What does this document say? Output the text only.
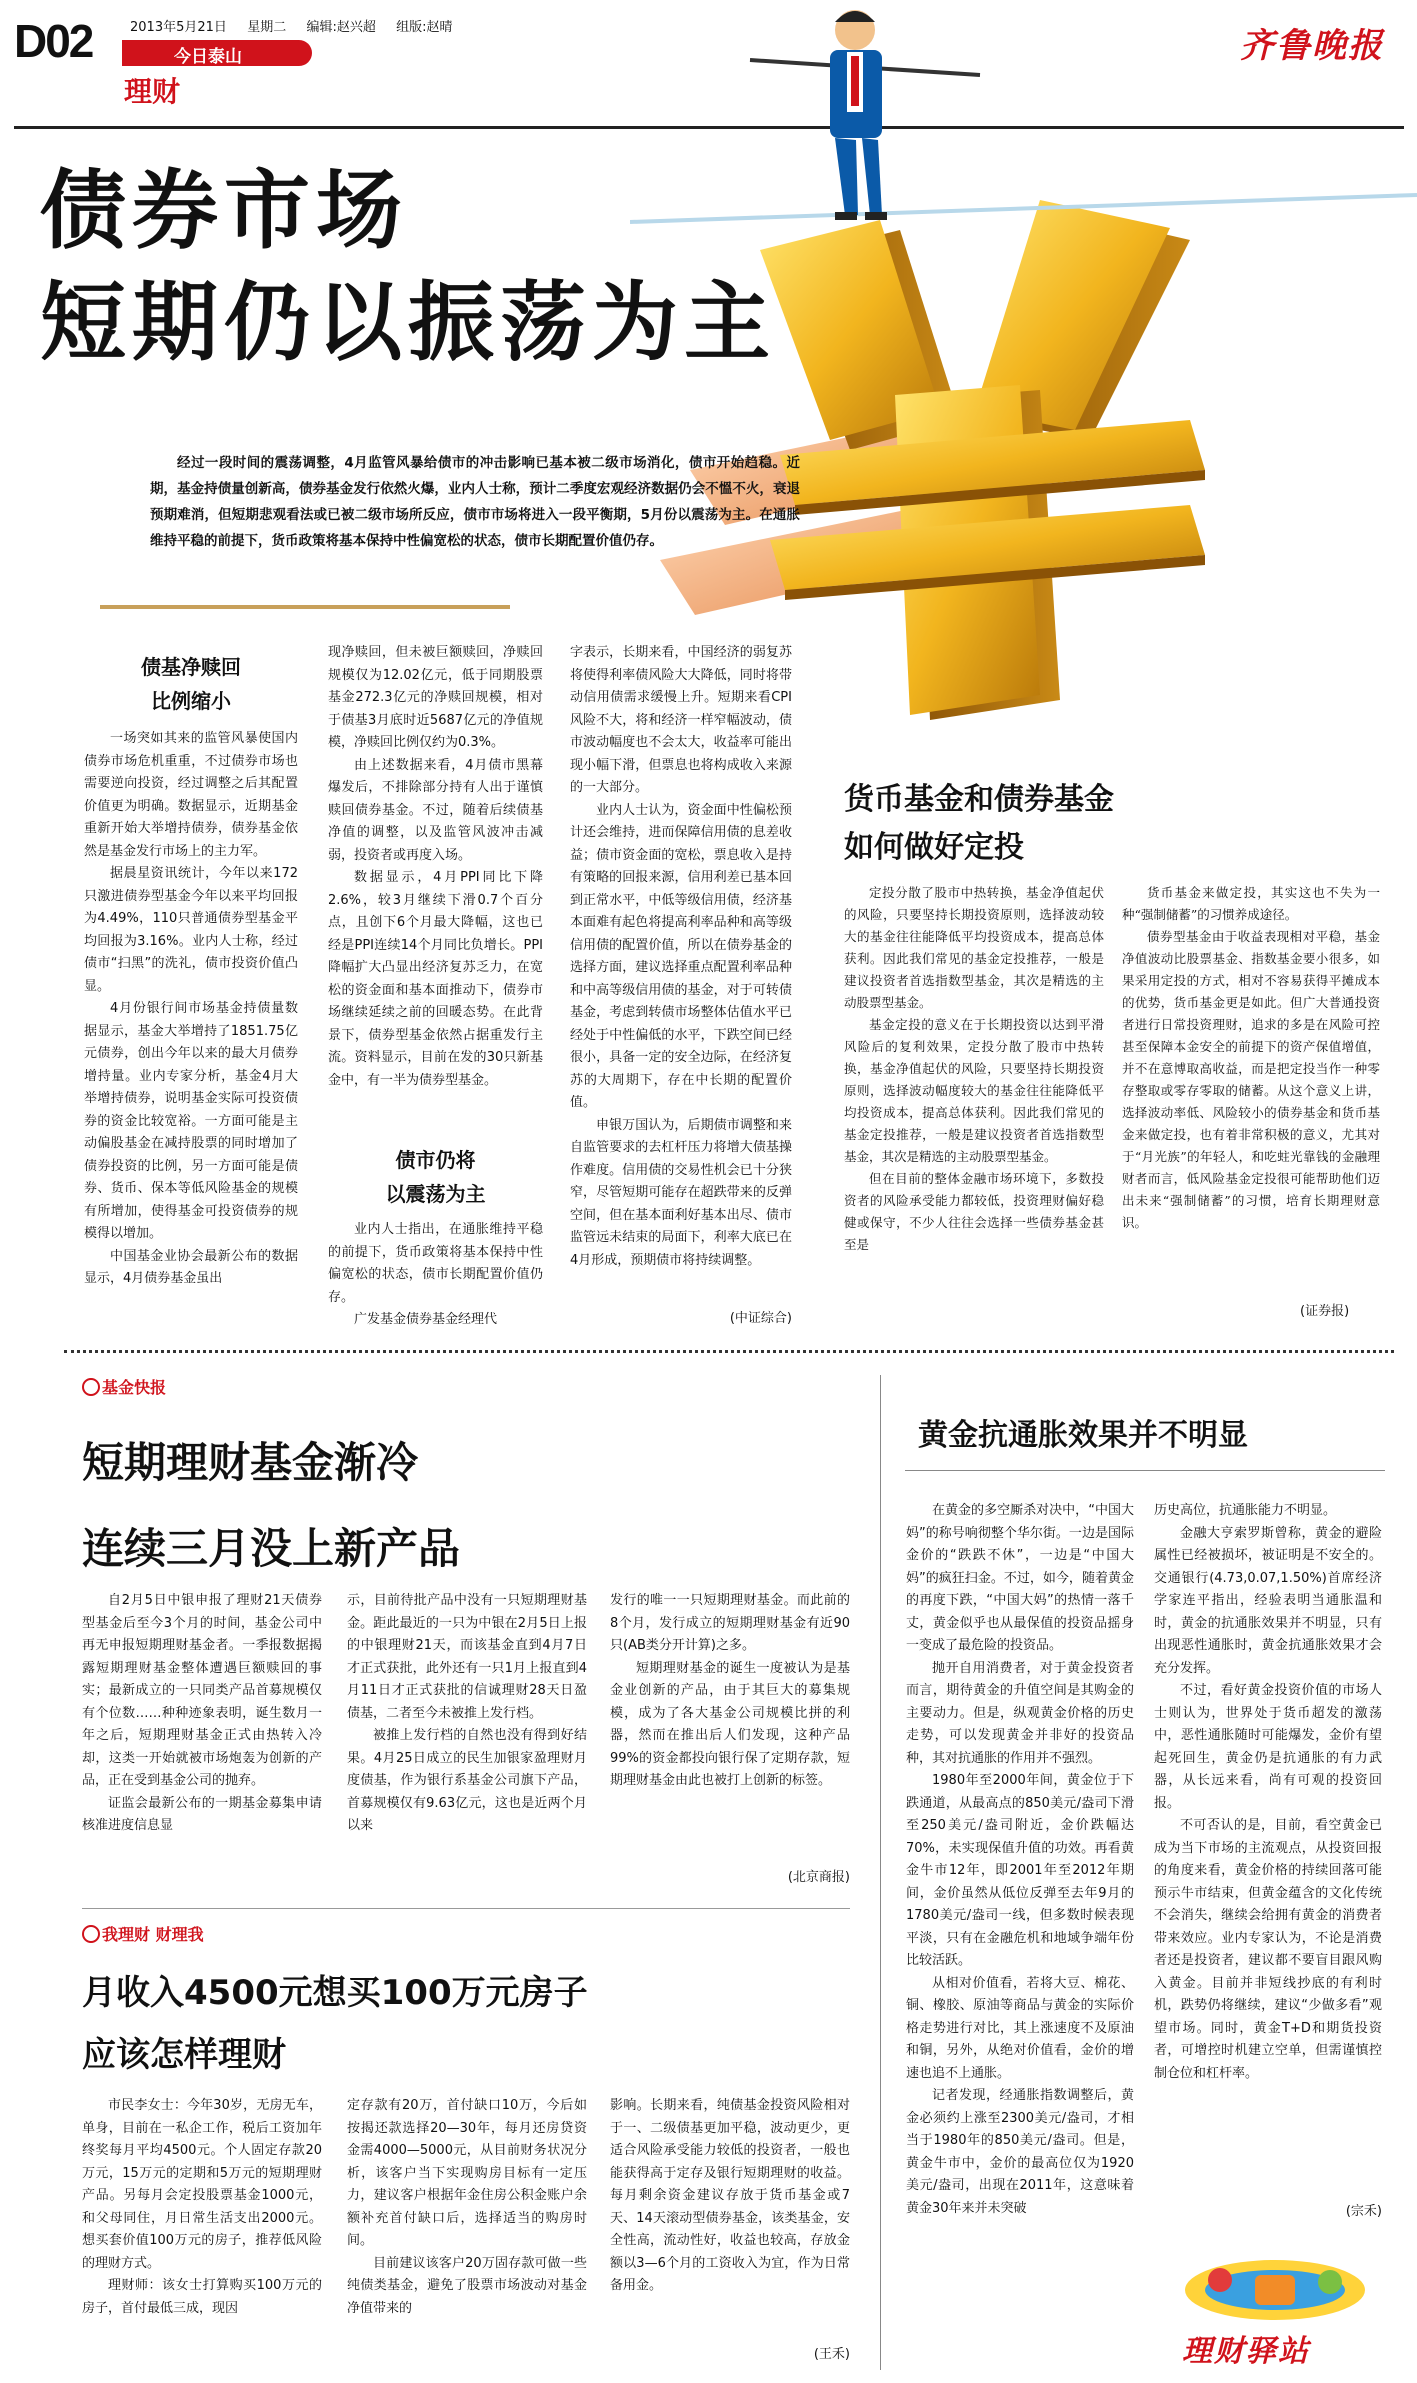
D02	2013年5月21日 星期二 编辑:赵兴超 组版:赵晴
今日泰山
理财
齐鲁晚报
债券市场
短期仍以振荡为主
经过一段时间的震荡调整，4月监管风暴给债市的冲击影响已基本被二级市场消化，债市开始趋稳。近期，基金持债量创新高，债券基金发行依然火爆，业内人士称，预计二季度宏观经济数据仍会不慍不火，衰退预期难消，但短期悲观看法或已被二级市场所反应，债市市场将进入一段平衡期，5月份以震荡为主。在通胀维持平稳的前提下，货币政策将基本保持中性偏宽松的状态，债市长期配置价值仍存。
债基净赎回
比例缩小

一场突如其来的监管风暴使国内债券市场危机重重，不过债券市场也需要逆向投资，经过调整之后其配置价值更为明确。数据显示，近期基金重新开始大举增持债券，债券基金依然是基金发行市场上的主力军。

据晨星资讯统计，今年以来172只激进债券型基金今年以来平均回报为4.49%，110只普通债券型基金平均回报为3.16%。业内人士称，经过债市“扫黑”的洗礼，债市投资价值凸显。

4月份银行间市场基金持债量数据显示，基金大举增持了1851.75亿元债券，创出今年以来的最大月债券增持量。业内专家分析，基金4月大举增持债券，说明基金实际可投资债券的资金比较宽裕。一方面可能是主动偏股基金在减持股票的同时增加了债券投资的比例，另一方面可能是债券、货币、保本等低风险基金的规模有所增加，使得基金可投资债券的规模得以增加。

中国基金业协会最新公布的数据显示，4月债券基金虽出

现净赎回，但未被巨额赎回，净赎回规模仅为12.02亿元，低于同期股票基金272.3亿元的净赎回规模，相对于债基3月底时近5687亿元的净值规模，净赎回比例仅约为0.3%。

由上述数据来看，4月债市黑幕爆发后，不排除部分持有人出于谨慎赎回债券基金。不过，随着后续债基净值的调整，以及监管风波冲击减弱，投资者或再度入场。

数据显示，4月PPI同比下降2.6%，较3月继续下滑0.7个百分点，且创下6个月最大降幅，这也已经是PPI连续14个月同比负增长。PPI降幅扩大凸显出经济复苏乏力，在宽松的资金面和基本面推动下，债券市场继续延续之前的回暖态势。在此背景下，债券型基金依然占据重发行主流。资料显示，目前在发的30只新基金中，有一半为债券型基金。

债市仍将
以震荡为主

业内人士指出，在通胀维持平稳的前提下，货币政策将基本保持中性偏宽松的状态，债市长期配置价值仍存。

广发基金债券基金经理代

字表示，长期来看，中国经济的弱复苏将使得利率债风险大大降低，同时将带动信用债需求缓慢上升。短期来看CPI风险不大，将和经济一样窄幅波动，债市波动幅度也不会太大，收益率可能出现小幅下滑，但票息也将构成收入来源的一大部分。

业内人士认为，资金面中性偏松预计还会维持，进而保障信用债的息差收益；债市资金面的宽松，票息收入是持有策略的回报来源，信用利差已基本回到正常水平，中低等级信用债，经济基本面难有起色将提高利率品种和高等级信用债的配置价值，所以在债券基金的选择方面，建议选择重点配置利率品种和中高等级信用债的基金，对于可转债基金，考虑到转债市场整体估值水平已经处于中性偏低的水平，下跌空间已经很小，具备一定的安全边际，在经济复苏的大周期下，存在中长期的配置价值。

申银万国认为，后期债市调整和来自监管要求的去杠杆压力将增大债基操作难度。信用债的交易性机会已十分狭窄，尽管短期可能存在超跌带来的反弹空间，但在基本面利好基本出尽、债市监管远未结束的局面下，利率大底已在4月形成，预期债市将持续调整。

(中证综合)
货币基金和债券基金
如何做好定投

定投分散了股市中热转换，基金净值起伏的风险，只要坚持长期投资原则，选择波动较大的基金往往能降低平均投资成本，提高总体获利。因此我们常见的基金定投推荐，一般是建议投资者首选指数型基金，其次是精选的主动股票型基金。

基金定投的意义在于长期投资以达到平滑风险后的复利效果，定投分散了股市中热转换，基金净值起伏的风险，只要坚持长期投资原则，选择波动幅度较大的基金往往能降低平均投资成本，提高总体获利。因此我们常见的基金定投推荐，一般是建议投资者首选指数型基金，其次是精选的主动股票型基金。

但在目前的整体金融市场环境下，多数投资者的风险承受能力都较低，投资理财偏好稳健或保守，不少人往往会选择一些债券基金甚至是

货币基金来做定投，其实这也不失为一种“强制储蓄”的习惯养成途径。

债券型基金由于收益表现相对平稳，基金净值波动比股票基金、指数基金要小很多，如果采用定投的方式，相对不容易获得平摊成本的优势，货币基金更是如此。但广大普通投资者进行日常投资理财，追求的多是在风险可控甚至保障本金安全的前提下的资产保值增值，并不在意博取高收益，而是把定投当作一种零存整取或零存零取的储蓄。从这个意义上讲，选择波动率低、风险较小的债券基金和货币基金来做定投，也有着非常积极的意义，尤其对于“月光族”的年轻人，和吃蛀光靠钱的金融理财者而言，低风险基金定投很可能帮助他们迈出未来“强制储蓄”的习惯，培育长期理财意识。

(证券报)
基金快报
短期理财基金渐冷
连续三月没上新产品

自2月5日中银申报了理财21天债券型基金后至今3个月的时间，基金公司中再无申报短期理财基金者。一季报数据揭露短期理财基金整体遭遇巨额赎回的事实；最新成立的一只同类产品首募规模仅有个位数……种种迹象表明，诞生数月一年之后，短期理财基金正式由热转入冷却，这类一开始就被市场炮轰为创新的产品，正在受到基金公司的抛弃。

证监会最新公布的一期基金募集申请核准进度信息显

示，目前待批产品中没有一只短期理财基金。距此最近的一只为中银在2月5日上报的中银理财21天，而该基金直到4月7日才正式获批，此外还有一只1月上报直到4月11日才正式获批的信诚理财28天日盈债基，二者至今未被推上发行档。

被推上发行档的自然也没有得到好结果。4月25日成立的民生加银家盈理财月度债基，作为银行系基金公司旗下产品，首募规模仅有9.63亿元，这也是近两个月以来

发行的唯一一只短期理财基金。而此前的8个月，发行成立的短期理财基金有近90只(AB类分开计算)之多。

短期理财基金的诞生一度被认为是基金业创新的产品，由于其巨大的募集规模，成为了各大基金公司规模比拼的利器，然而在推出后人们发现，这种产品99%的资金都投向银行保了定期存款，短期理财基金由此也被打上创新的标签。

(北京商报)
我理财 财理我
月收入4500元想买100万元房子
应该怎样理财

市民李女士：今年30岁，无房无车，单身，目前在一私企工作，税后工资加年终奖每月平均4500元。个人固定存款20万元，15万元的定期和5万元的短期理财产品。另每月会定投股票基金1000元，和父母同住，月日常生活支出2000元。想买套价值100万元的房子，推荐低风险的理财方式。

理财师：该女士打算购买100万元的房子，首付最低三成，现因

定存款有20万，首付缺口10万，今后如按揭还款选择20—30年，每月还房贷资金需4000—5000元，从目前财务状况分析，该客户当下实现购房目标有一定压力，建议客户根据年金住房公积金账户余额补充首付缺口后，选择适当的购房时间。

目前建议该客户20万固存款可做一些纯债类基金，避免了股票市场波动对基金净值带来的

影响。长期来看，纯债基金投资风险相对于一、二级债基更加平稳，波动更少，更适合风险承受能力较低的投资者，一般也能获得高于定存及银行短期理财的收益。每月剩余资金建议存放于货币基金或7天、14天滚动型债券基金，该类基金，安全性高，流动性好，收益也较高，存放金额以3—6个月的工资收入为宜，作为日常备用金。

(王禾)
黄金抗通胀效果并不明显

在黄金的多空厮杀对决中，“中国大妈”的称号响彻整个华尔街。一边是国际金价的“跌跌不休”，一边是“中国大妈”的疯狂扫金。不过，如今，随着黄金的再度下跌，“中国大妈”的热情一落千丈，黄金似乎也从最保值的投资品摇身一变成了最危险的投资品。

抛开自用消费者，对于黄金投资者而言，期待黄金的升值空间是其购金的主要动力。但是，纵观黄金价格的历史走势，可以发现黄金并非好的投资品种，其对抗通胀的作用并不强烈。

1980年至2000年间，黄金位于下跌通道，从最高点的850美元/盎司下滑至250美元/盎司附近，金价跌幅达70%，未实现保值升值的功效。再看黄金牛市12年，即2001年至2012年期间，金价虽然从低位反弹至去年9月的1780美元/盎司一线，但多数时候表现平淡，只有在金融危机和地域争端年份比较活跃。

从相对价值看，若将大豆、棉花、铜、橡胶、原油等商品与黄金的实际价格走势进行对比，其上涨速度不及原油和铜，另外，从绝对价值看，金价的增速也追不上通胀。

记者发现，经通胀指数调整后，黄金必须约上涨至2300美元/盎司，才相当于1980年的850美元/盎司。但是，黄金牛市中，金价的最高位仅为1920美元/盎司，出现在2011年，这意味着黄金30年来并未突破

历史高位，抗通胀能力不明显。

金融大亨索罗斯曾称，黄金的避险属性已经被损坏，被证明是不安全的。交通银行(4.73,0.07,1.50%)首席经济学家连平指出，经验表明当通胀温和时，黄金的抗通胀效果并不明显，只有出现恶性通胀时，黄金抗通胀效果才会充分发挥。

不过，看好黄金投资价值的市场人士则认为，世界处于货币超发的激荡中，恶性通胀随时可能爆发，金价有望起死回生，黄金仍是抗通胀的有力武器，从长远来看，尚有可观的投资回报。

不可否认的是，目前，看空黄金已成为当下市场的主流观点，从投资回报的角度来看，黄金价格的持续回落可能预示牛市结束，但黄金蕴含的文化传统不会消失，继续会给拥有黄金的消费者带来效应。业内专家认为，不论是消费者还是投资者，建议都不要盲目跟风购入黄金。目前并非短线抄底的有利时机，跌势仍将继续，建议“少做多看”观望市场。同时，黄金T+D和期货投资者，可增控时机建立空单，但需谨慎控制仓位和杠杆率。

(宗禾)
理财驿站
